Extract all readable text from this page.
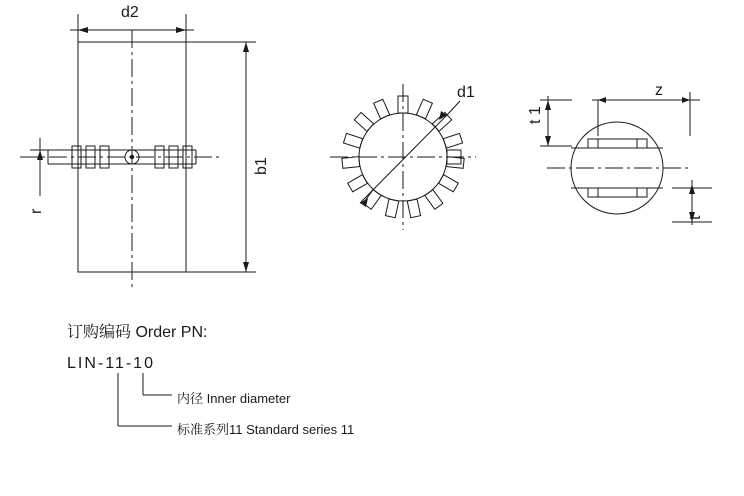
d2
b1
r
d1
t 1
t
z
订购编码 Order PN:
LIN-11-10
内径 Inner diameter
标准系列11 Standard series 11
